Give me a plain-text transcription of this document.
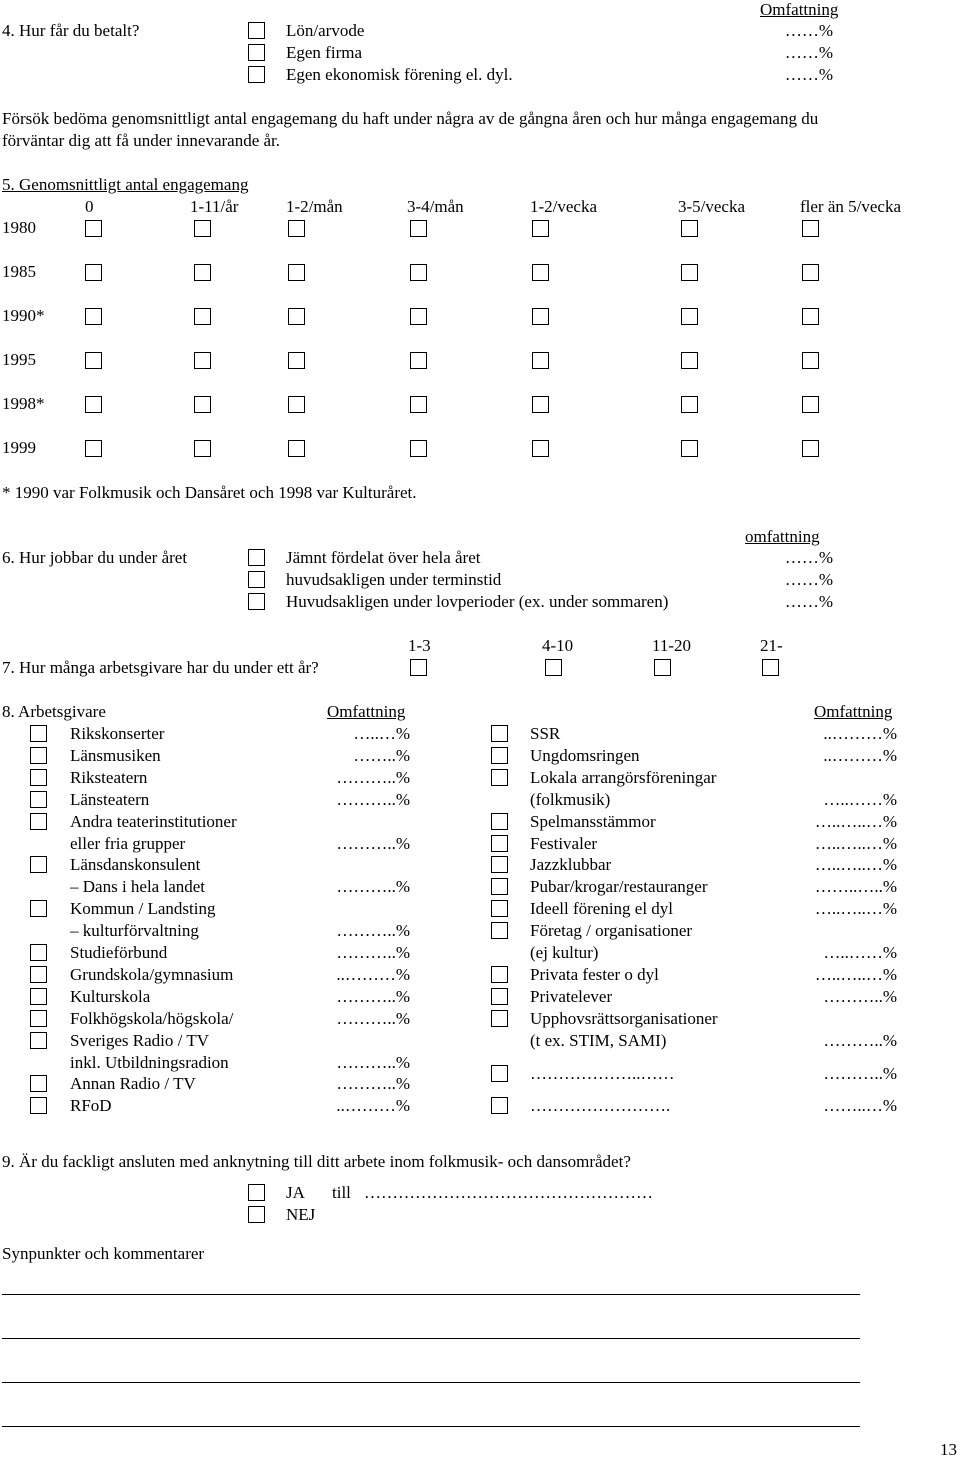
Omfattning
4. Hur får du betalt?	Lön/arvode	……%
Egen firma	……%
Egen ekonomisk förening el. dyl.	……%
Försök bedöma genomsnittligt antal engagemang du haft under några av de gångna åren och hur många engagemang du
förväntar dig att få under innevarande år.
5. Genomsnittligt antal engagemang
0	1-11/år	1-2/mån	3-4/mån	1-2/vecka	3-5/vecka	fler än 5/vecka
1980
1985
1990*
1995
1998*
1999
* 1990 var Folkmusik och Dansåret och 1998 var Kulturåret.
omfattning
6. Hur jobbar du under året	Jämnt fördelat över hela året	……%
huvudsakligen under terminstid	……%
Huvudsakligen under lovperioder (ex. under sommaren)	……%
1-3	4-10	11-20	21-
7. Hur många arbetsgivare har du under ett år?
8. Arbetsgivare	Omfattning	Omfattning
Rikskonserter	…..…%
Länsmusiken	……..%
Riksteatern	………..%
Länsteatern	………..%
Andra teaterinstitutioner
eller fria grupper	………..%
Länsdanskonsulent
– Dans i hela landet	………..%
Kommun / Landsting
– kulturförvaltning	………..%
Studieförbund	………..%
Grundskola/gymnasium	..………%
Kulturskola	………..%
Folkhögskola/högskola/	………..%
Sveriges Radio / TV
inkl. Utbildningsradion	………..%
Annan Radio / TV	………..%
RFoD	..………%
SSR	..………%
Ungdomsringen	..………%
Lokala arrangörsföreningar
(folkmusik)	…..……%
Spelmansstämmor	…..…..…%
Festivaler	…..…..…%
Jazzklubbar	…..…..…%
Pubar/krogar/restauranger	……..…..%
Ideell förening el dyl	…..…..…%
Företag / organisationer
(ej kultur)	…..……%
Privata fester o dyl	…..…..…%
Privatelever	………..%
Upphovsrättsorganisationer
(t ex. STIM, SAMI)	………..%
………………..……	………..%
…………………….	……..…%
9. Är du fackligt ansluten med anknytning till ditt arbete inom folkmusik- och dansområdet?
JA till ……………………………………………
NEJ
Synpunkter och kommentarer
13
